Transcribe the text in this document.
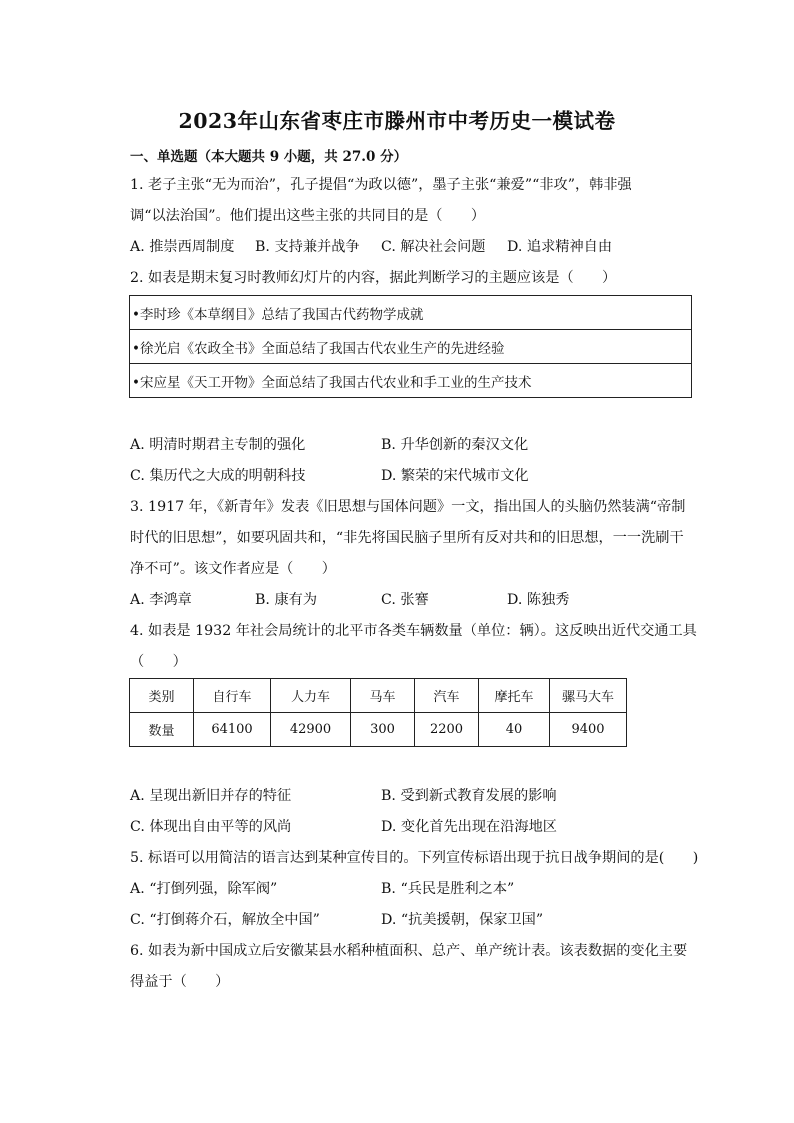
2023年山东省枣庄市滕州市中考历史一模试卷
一、单选题（本大题共 9 小题，共 27.0 分）
1. 老子主张“无为而治”，孔子提倡“为政以德”，墨子主张“兼爱”“非攻”，韩非强
调“以法治国”。他们提出这些主张的共同目的是（　　）
A. 推崇西周制度 B. 支持兼并战争 C. 解决社会问题 D. 追求精神自由
2. 如表是期末复习时教师幻灯片的内容，据此判断学习的主题应该是（　　）
•李时珍《本草纲目》总结了我国古代药物学成就
•徐光启《农政全书》全面总结了我国古代农业生产的先进经验
•宋应星《天工开物》全面总结了我国古代农业和手工业的生产技术
A. 明清时期君主专制的强化	B. 升华创新的秦汉文化
C. 集历代之大成的明朝科技	D. 繁荣的宋代城市文化
3. 1917 年，《新青年》发表《旧思想与国体问题》一文，指出国人的头脑仍然装满“帝制
时代的旧思想”，如要巩固共和，“非先将国民脑子里所有反对共和的旧思想，一一洗刷干
净不可”。该文作者应是（　　）
A. 李鸿章	B. 康有为	C. 张謇	D. 陈独秀
4. 如表是 1932 年社会局统计的北平市各类车辆数量（单位：辆）。这反映出近代交通工具
（　　）
类别	自行车	人力车	马车	汽车	摩托车	骡马大车
数量	64100	42900	300	2200	40	9400
A. 呈现出新旧并存的特征	B. 受到新式教育发展的影响
C. 体现出自由平等的风尚	D. 变化首先出现在沿海地区
5. 标语可以用简洁的语言达到某种宣传目的。下列宣传标语出现于抗日战争期间的是(　　)
A. “打倒列强，除军阀”	B. “兵民是胜利之本”
C. “打倒蒋介石，解放全中国”	D. “抗美援朝，保家卫国”
6. 如表为新中国成立后安徽某县水稻种植面积、总产、单产统计表。该表数据的变化主要
得益于（　　）
